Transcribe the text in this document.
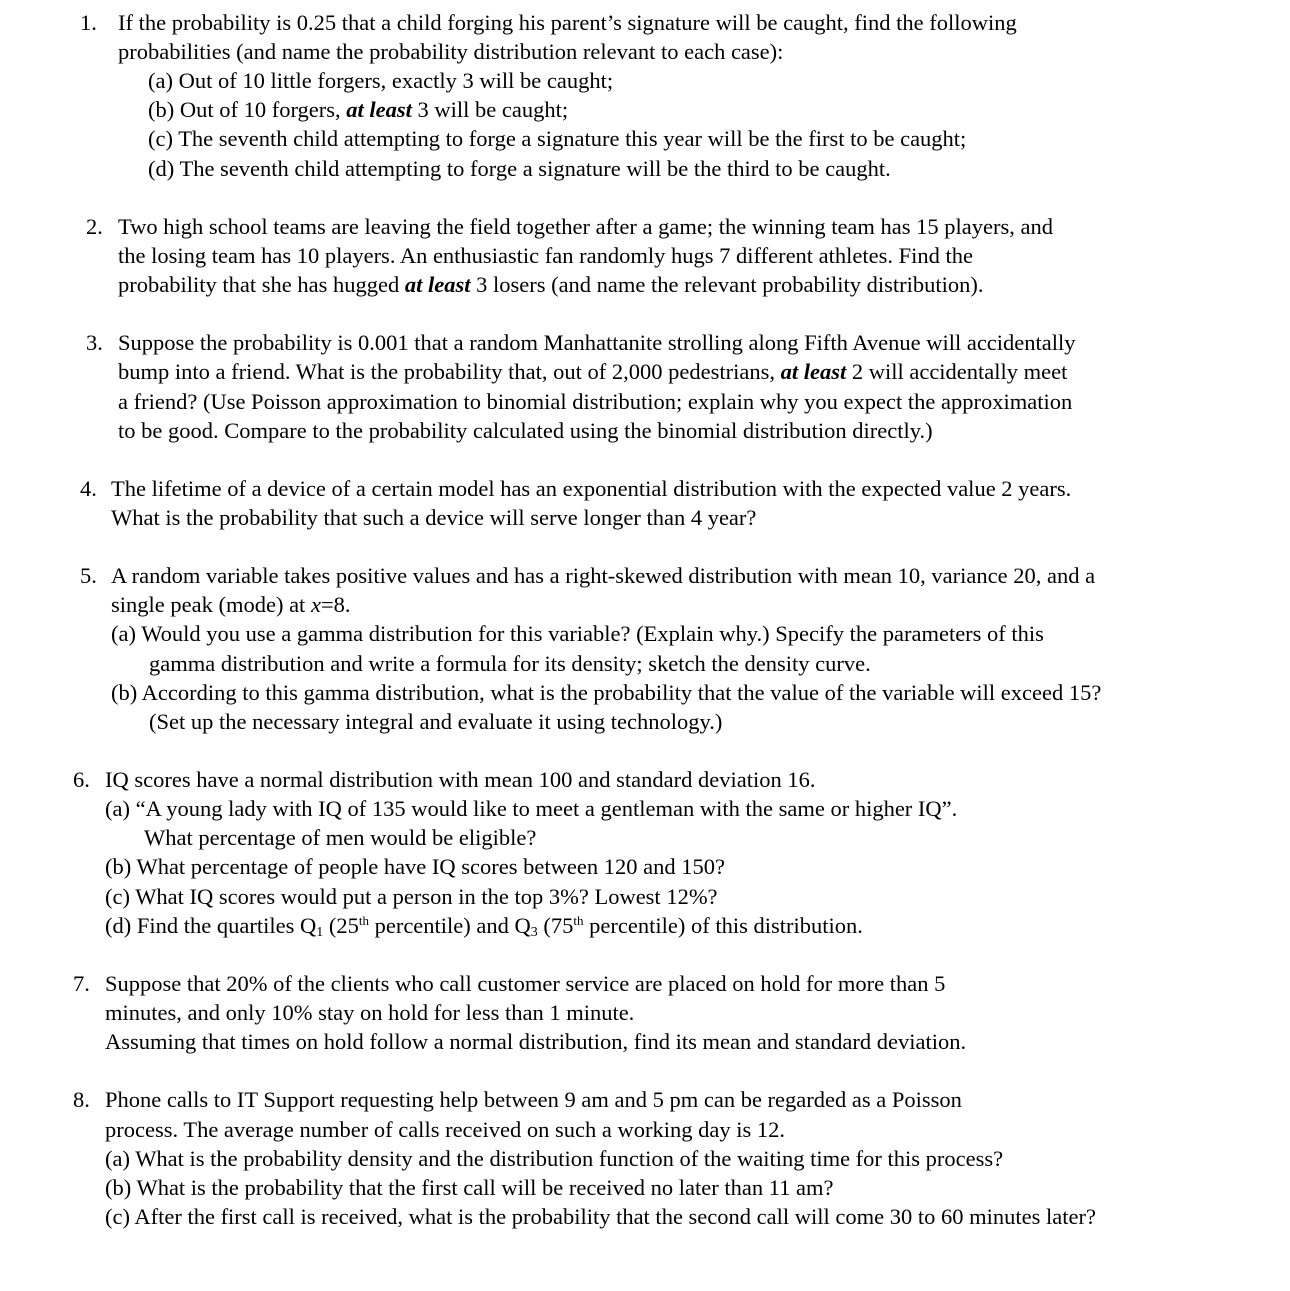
1. If the probability is 0.25 that a child forging his parent’s signature will be caught, find the following
probabilities (and name the probability distribution relevant to each case):
(a) Out of 10 little forgers, exactly 3 will be caught;
(b) Out of 10 forgers, at least 3 will be caught;
(c) The seventh child attempting to forge a signature this year will be the first to be caught;
(d) The seventh child attempting to forge a signature will be the third to be caught.
2. Two high school teams are leaving the field together after a game; the winning team has 15 players, and
the losing team has 10 players. An enthusiastic fan randomly hugs 7 different athletes. Find the
probability that she has hugged at least 3 losers (and name the relevant probability distribution).
3. Suppose the probability is 0.001 that a random Manhattanite strolling along Fifth Avenue will accidentally
bump into a friend. What is the probability that, out of 2,000 pedestrians, at least 2 will accidentally meet
a friend? (Use Poisson approximation to binomial distribution; explain why you expect the approximation
to be good. Compare to the probability calculated using the binomial distribution directly.)
4. The lifetime of a device of a certain model has an exponential distribution with the expected value 2 years.
What is the probability that such a device will serve longer than 4 year?
5. A random variable takes positive values and has a right-skewed distribution with mean 10, variance 20, and a
single peak (mode) at x=8.
(a) Would you use a gamma distribution for this variable? (Explain why.) Specify the parameters of this
gamma distribution and write a formula for its density; sketch the density curve.
(b) According to this gamma distribution, what is the probability that the value of the variable will exceed 15?
(Set up the necessary integral and evaluate it using technology.)
6. IQ scores have a normal distribution with mean 100 and standard deviation 16.
(a) “A young lady with IQ of 135 would like to meet a gentleman with the same or higher IQ”.
What percentage of men would be eligible?
(b) What percentage of people have IQ scores between 120 and 150?
(c) What IQ scores would put a person in the top 3%? Lowest 12%?
(d) Find the quartiles $Q_1$ (25th percentile) and $Q_3$ (75th percentile) of this distribution.
7. Suppose that 20% of the clients who call customer service are placed on hold for more than 5
minutes, and only 10% stay on hold for less than 1 minute.
Assuming that times on hold follow a normal distribution, find its mean and standard deviation.
8. Phone calls to IT Support requesting help between 9 am and 5 pm can be regarded as a Poisson
process. The average number of calls received on such a working day is 12.
(a) What is the probability density and the distribution function of the waiting time for this process?
(b) What is the probability that the first call will be received no later than 11 am?
(c) After the first call is received, what is the probability that the second call will come 30 to 60 minutes later?
